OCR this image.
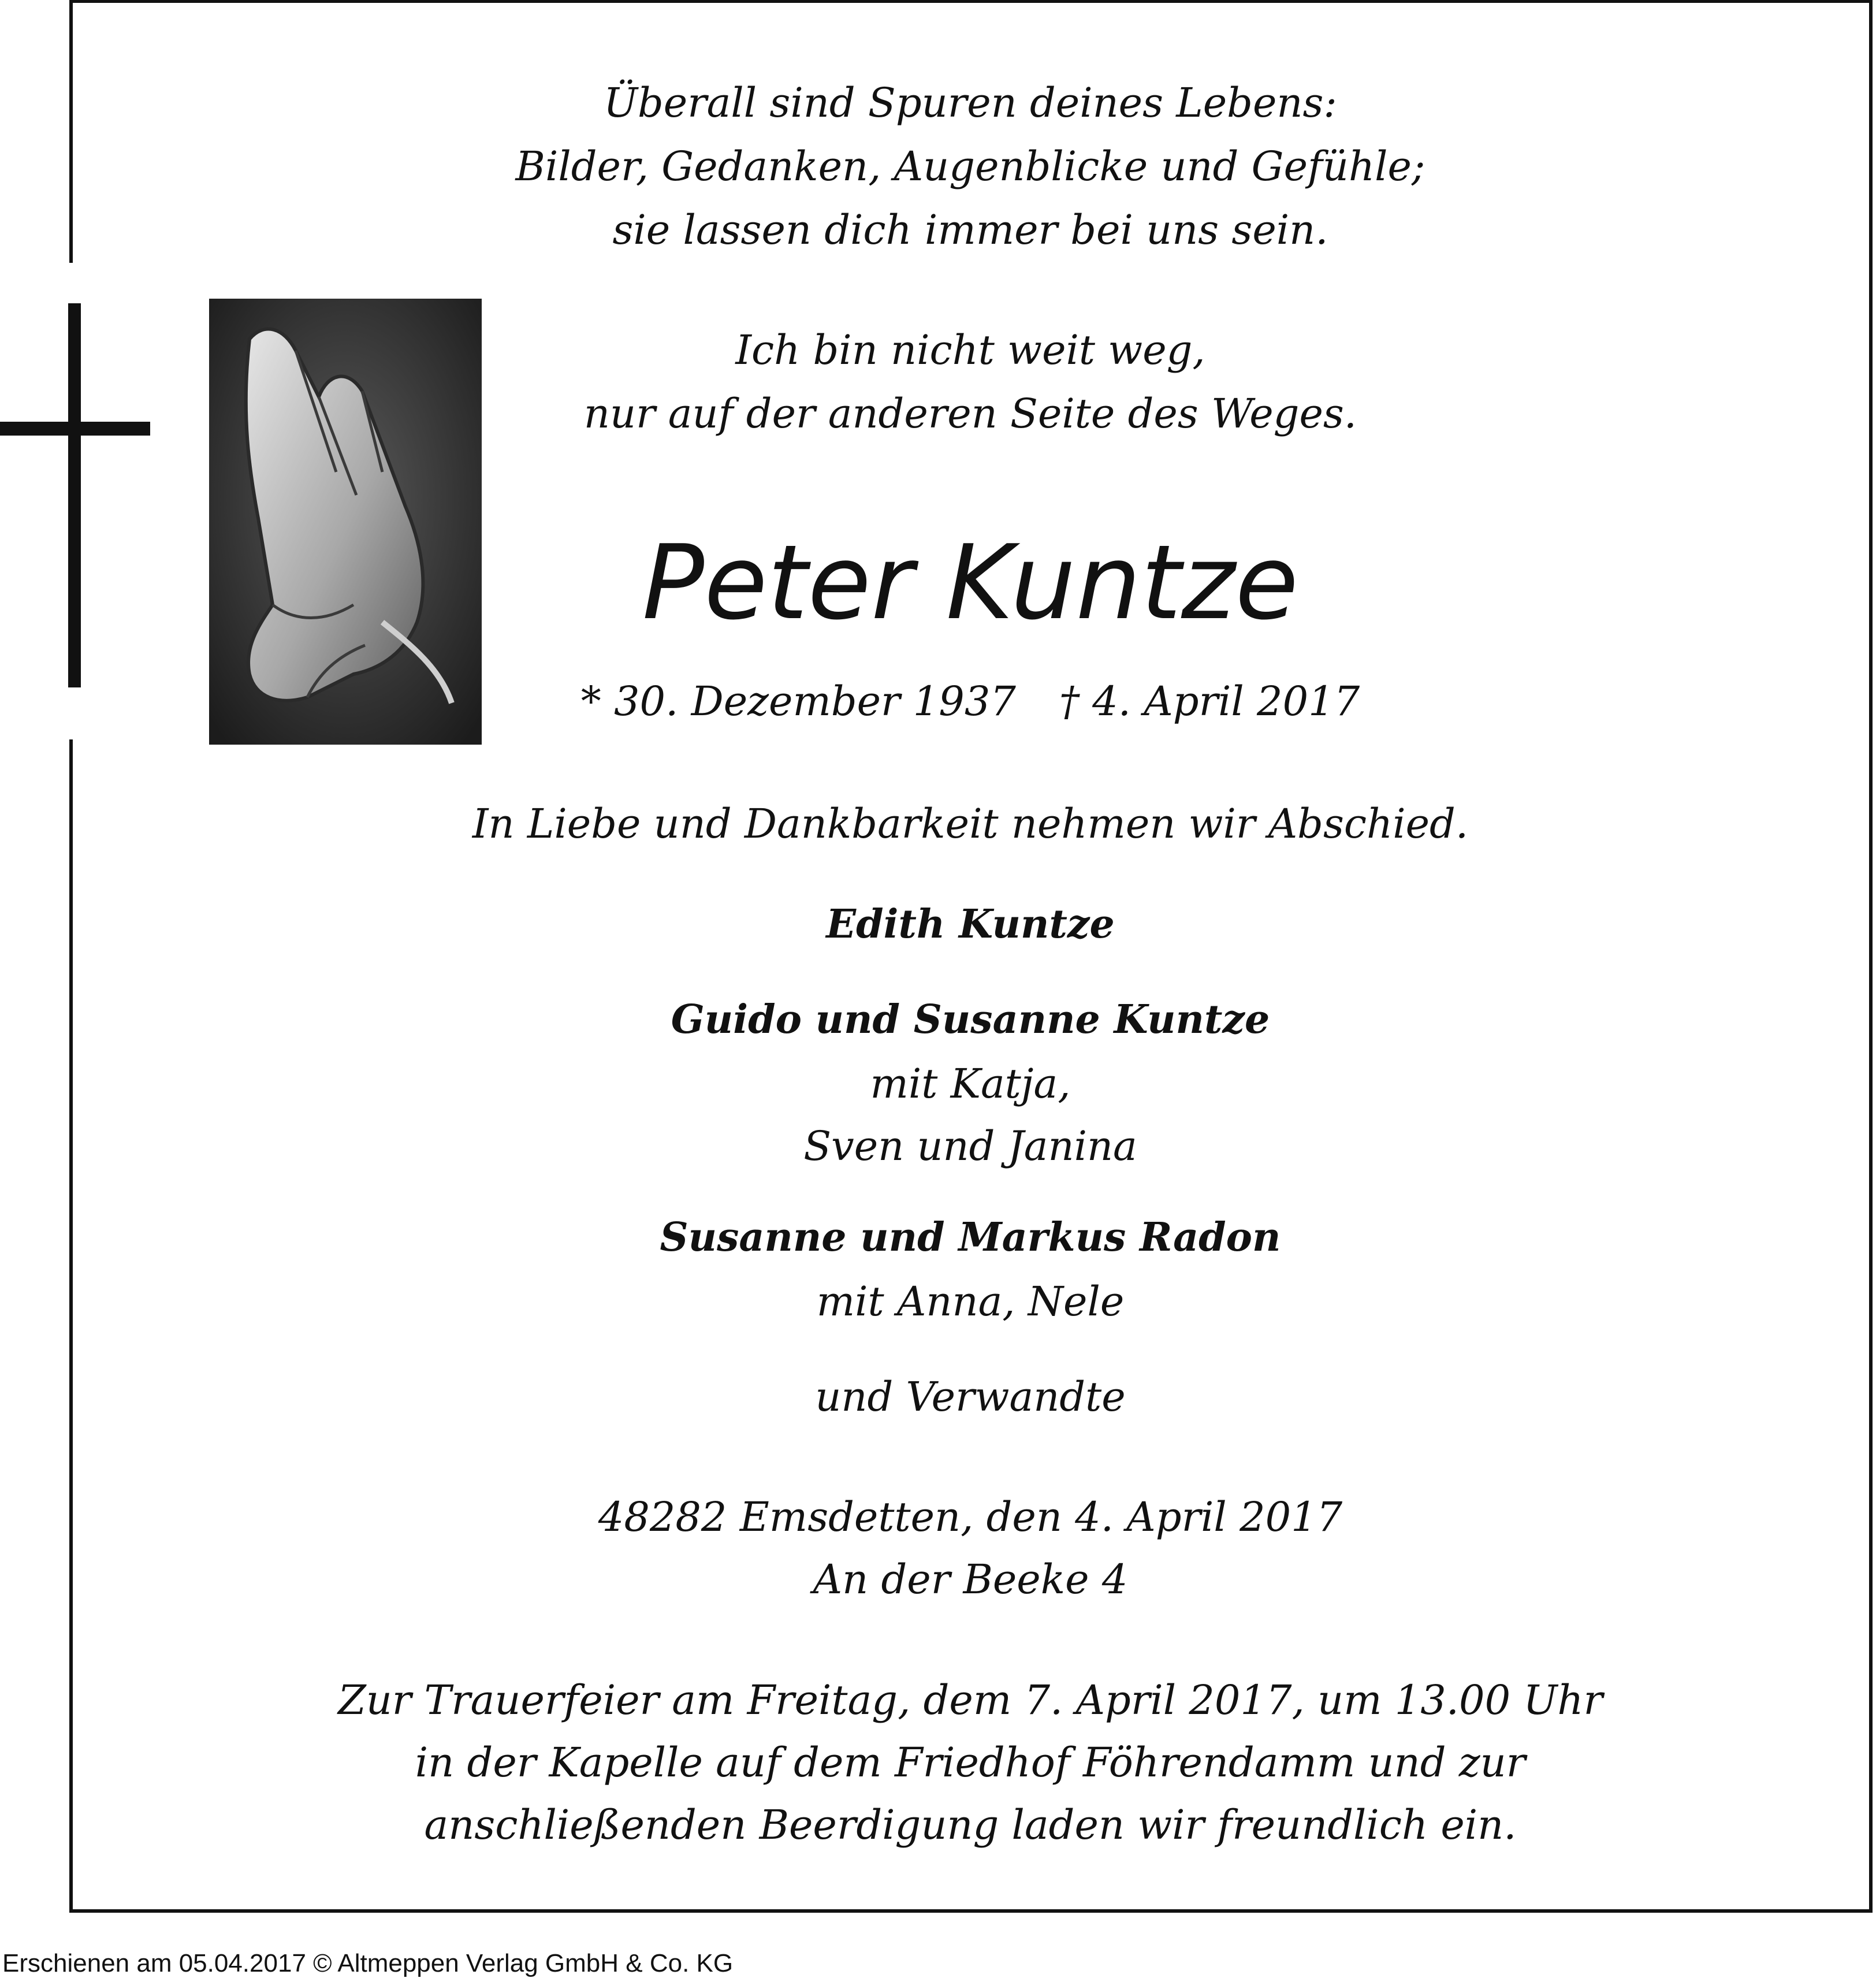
Überall sind Spuren deines Lebens:
Bilder, Gedanken, Augenblicke und Gefühle;
sie lassen dich immer bei uns sein.
Ich bin nicht weit weg,
nur auf der anderen Seite des Weges.
Peter Kuntze
* 30. Dezember 1937 † 4. April 2017
In Liebe und Dankbarkeit nehmen wir Abschied.
Edith Kuntze
Guido und Susanne Kuntze
mit Katja,
Sven und Janina
Susanne und Markus Radon
mit Anna, Nele
und Verwandte
48282 Emsdetten, den 4. April 2017
An der Beeke 4
Zur Trauerfeier am Freitag, dem 7. April 2017, um 13.00 Uhr
in der Kapelle auf dem Friedhof Föhrendamm und zur
anschließenden Beerdigung laden wir freundlich ein.
Erschienen am 05.04.2017 © Altmeppen Verlag GmbH & Co. KG
